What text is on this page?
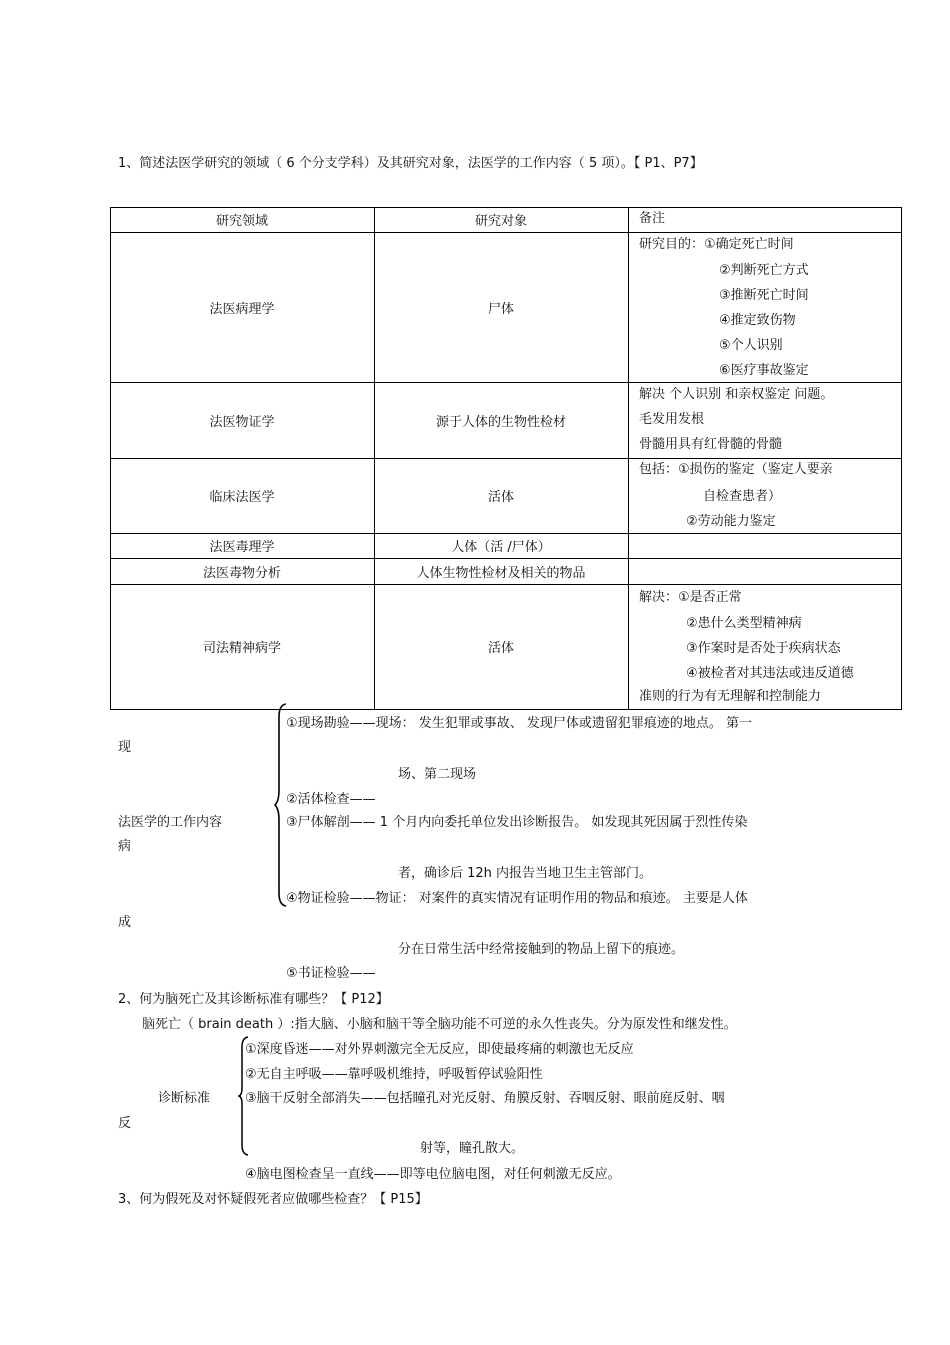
1、简述法医学研究的领域（ 6 个分支学科）及其研究对象，法医学的工作内容（ 5 项）。【 P1、P7】
研究领域	研究对象	备注
法医病理学	尸体
研究目的：①确定死亡时间
②判断死亡方式
③推断死亡时间
④推定致伤物
⑤个人识别
⑥医疗事故鉴定
法医物证学	源于人体的生物性检材
解决 个人识别 和亲权鉴定 问题。
毛发用发根
骨髓用具有红骨髓的骨髓
临床法医学	活体
包括：①损伤的鉴定（鉴定人要亲
自检查患者）
②劳动能力鉴定
法医毒理学	人体（活 /尸体）
法医毒物分析	人体生物性检材及相关的物品
司法精神病学	活体
解决：①是否正常
②患什么类型精神病
③作案时是否处于疾病状态
④被检者对其违法或违反道德
准则的行为有无理解和控制能力
①现场勘验——现场： 发生犯罪或事故、 发现尸体或遗留犯罪痕迹的地点。 第一
现
场、第二现场
②活体检查——
法医学的工作内容	③尸体解剖—— 1 个月内向委托单位发出诊断报告。 如发现其死因属于烈性传染
病
者，确诊后 12h 内报告当地卫生主管部门。
④物证检验——物证： 对案件的真实情况有证明作用的物品和痕迹。 主要是人体
成
分在日常生活中经常接触到的物品上留下的痕迹。
⑤书证检验——
2、何为脑死亡及其诊断标准有哪些？【 P12】
脑死亡（ brain death ）:指大脑、小脑和脑干等全脑功能不可逆的永久性丧失。分为原发性和继发性。
①深度昏迷——对外界刺激完全无反应，即使最疼痛的刺激也无反应
②无自主呼吸——靠呼吸机维持，呼吸暂停试验阳性
诊断标准	③脑干反射全部消失——包括瞳孔对光反射、角膜反射、吞咽反射、眼前庭反射、咽
反
射等，瞳孔散大。
④脑电图检查呈一直线——即等电位脑电图，对任何刺激无反应。
3、何为假死及对怀疑假死者应做哪些检查？【 P15】
